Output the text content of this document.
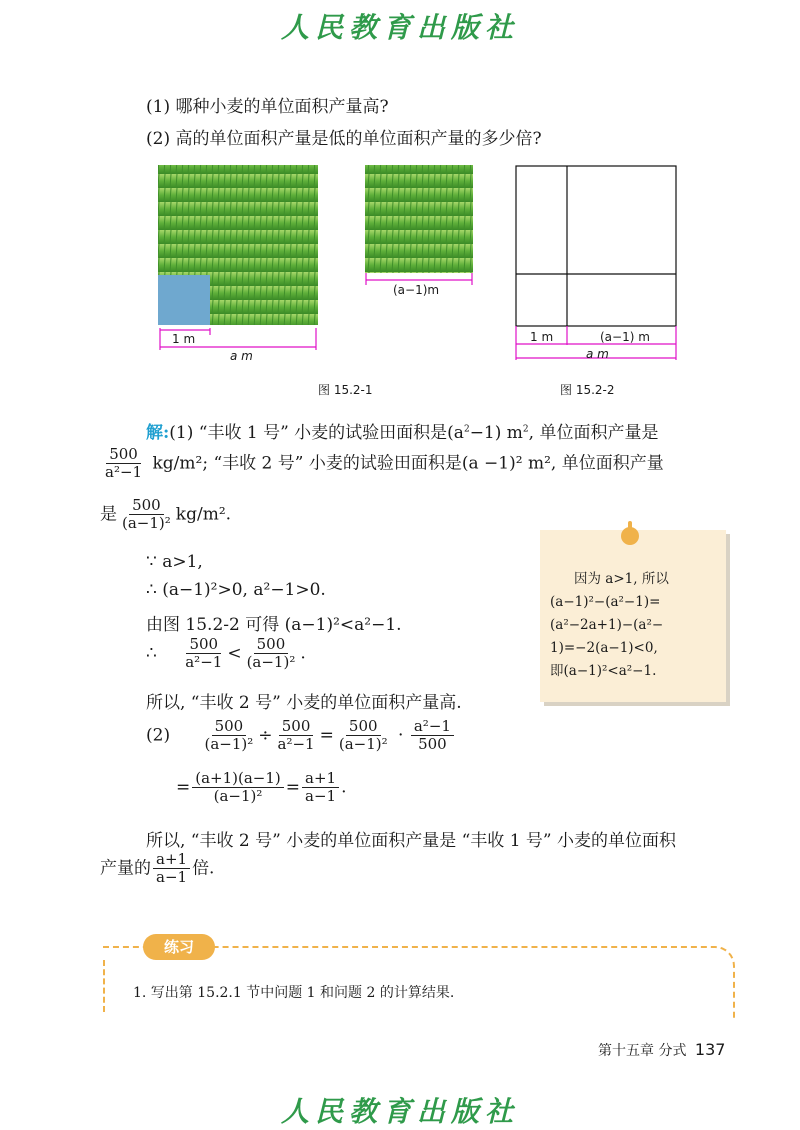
人民教育出版社
(1) 哪种小麦的单位面积产量高?
(2) 高的单位面积产量是低的单位面积产量的多少倍?
1 m
a m
(a−1)m
图 15.2-1
1 m	(a−1) m
a m
图 15.2-2
解:(1) “丰收 1 号” 小麦的试验田面积是$(a^2-1)$ $m^2$, 单位面积产量是
$\frac{500}{\text{a²−1}} kg/m^2$; “丰收 2 号” 小麦的试验田面积是(a −1)² m², 单位面积产量
是 $\frac{500}{\text{(a−1)²}} kg/m^2$.
∵ a>1,
∴ (a−1)²>0, a²−1>0.
由图 15.2-2 可得 (a−1)²<a²−1.
∴ $\frac{500}{\text{a²−1}} < \frac{500}{\text{(a−1)²}}$ .
所以, “丰收 2 号” 小麦的单位面积产量高.
$(2) \frac{500}{\text{(a−1)²}} \div \frac{500}{\text{a²−1}} = \frac{500}{\text{(a−1)²}} \cdot \frac{\text{a²−1}}{500}$
= $\frac{(a+1)(a-1)}{\text{(a−1)²}} = \frac{a+1}{a-1}$ .
所以, “丰收 2 号” 小麦的单位面积产量是 “丰收 1 号” 小麦的单位面积
产量的 $\frac{a+1}{a-1}$ 倍.
因为 a>1, 所以
(a−1)²−(a²−1)=
(a²−2a+1)−(a²−
1)=−2(a−1)<0,
即(a−1)²<a²−1.
练习
1. 写出第 15.2.1 节中问题 1 和问题 2 的计算结果.
第十五章 分式 137
人民教育出版社
